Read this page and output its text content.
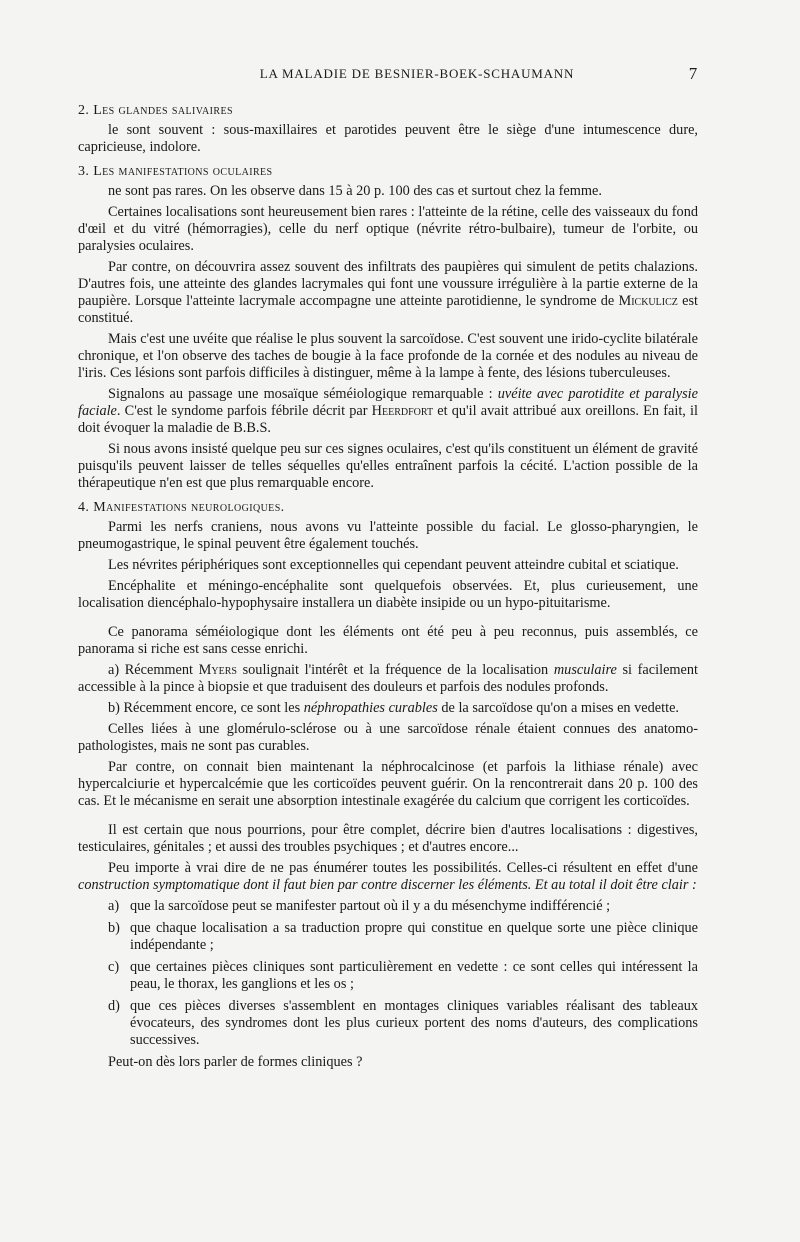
LA MALADIE DE BESNIER-BOEK-SCHAUMANN	7
2. Les glandes salivaires

le sont souvent : sous-maxillaires et parotides peuvent être le siège d'une intumescence dure, capricieuse, indolore.

3. Les manifestations oculaires

ne sont pas rares. On les observe dans 15 à 20 p. 100 des cas et surtout chez la femme.

Certaines localisations sont heureusement bien rares : l'atteinte de la rétine, celle des vaisseaux du fond d'œil et du vitré (hémorragies), celle du nerf optique (névrite rétro-bulbaire), tumeur de l'orbite, ou paralysies oculaires.

Par contre, on découvrira assez souvent des infiltrats des paupières qui simulent de petits chalazions. D'autres fois, une atteinte des glandes lacrymales qui font une voussure irrégulière à la partie externe de la paupière. Lorsque l'atteinte lacrymale accompagne une atteinte parotidienne, le syndrome de Mickulicz est constitué.

Mais c'est une uvéite que réalise le plus souvent la sarcoïdose. C'est souvent une irido-cyclite bilatérale chronique, et l'on observe des taches de bougie à la face profonde de la cornée et des nodules au niveau de l'iris. Ces lésions sont parfois difficiles à distinguer, même à la lampe à fente, des lésions tuberculeuses.

Signalons au passage une mosaïque séméiologique remarquable : uvéite avec parotidite et paralysie faciale. C'est le syndome parfois fébrile décrit par Heerdfort et qu'il avait attribué aux oreillons. En fait, il doit évoquer la maladie de B.B.S.

Si nous avons insisté quelque peu sur ces signes oculaires, c'est qu'ils constituent un élément de gravité puisqu'ils peuvent laisser de telles séquelles qu'elles entraînent parfois la cécité. L'action possible de la thérapeutique n'en est que plus remarquable encore.

4. Manifestations neurologiques.

Parmi les nerfs craniens, nous avons vu l'atteinte possible du facial. Le glosso-pharyngien, le pneumogastrique, le spinal peuvent être également touchés.

Les névrites périphériques sont exceptionnelles qui cependant peuvent atteindre cubital et sciatique.

Encéphalite et méningo-encéphalite sont quelquefois observées. Et, plus curieusement, une localisation diencéphalo-hypophysaire installera un diabète insipide ou un hypo-pituitarisme.

Ce panorama séméiologique dont les éléments ont été peu à peu reconnus, puis assemblés, ce panorama si riche est sans cesse enrichi.

a) Récemment Myers soulignait l'intérêt et la fréquence de la localisation musculaire si facilement accessible à la pince à biopsie et que traduisent des douleurs et parfois des nodules profonds.

b) Récemment encore, ce sont les néphropathies curables de la sarcoïdose qu'on a mises en vedette.

Celles liées à une glomérulo-sclérose ou à une sarcoïdose rénale étaient connues des anatomo-pathologistes, mais ne sont pas curables.

Par contre, on connait bien maintenant la néphrocalcinose (et parfois la lithiase rénale) avec hypercalciurie et hypercalcémie que les corticoïdes peuvent guérir. On la rencontrerait dans 20 p. 100 des cas. Et le mécanisme en serait une absorption intestinale exagérée du calcium que corrigent les corticoïdes.

Il est certain que nous pourrions, pour être complet, décrire bien d'autres localisations : digestives, testiculaires, génitales ; et aussi des troubles psychiques ; et d'autres encore...

Peu importe à vrai dire de ne pas énumérer toutes les possibilités. Celles-ci résultent en effet d'une construction symptomatique dont il faut bien par contre discerner les éléments. Et au total il doit être clair :

a) que la sarcoïdose peut se manifester partout où il y a du mésenchyme indifférencié ;
b) que chaque localisation a sa traduction propre qui constitue en quelque sorte une pièce clinique indépendante ;
c) que certaines pièces cliniques sont particulièrement en vedette : ce sont celles qui intéressent la peau, le thorax, les ganglions et les os ;
d) que ces pièces diverses s'assemblent en montages cliniques variables réalisant des tableaux évocateurs, des syndromes dont les plus curieux portent des noms d'auteurs, des complications successives.

Peut-on dès lors parler de formes cliniques ?
